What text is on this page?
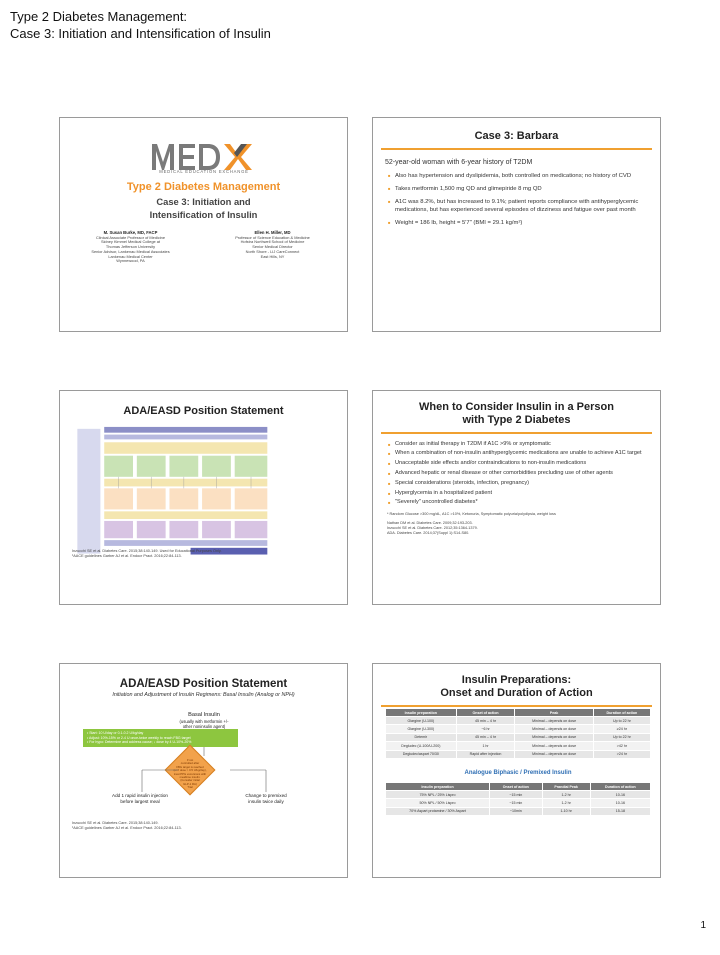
Type 2 Diabetes Management:
Case 3: Initiation and Intensification of Insulin
MEDICAL EDUCATION EXCHANGE
Type 2 Diabetes Management
Case 3: Initiation and
Intensification of Insulin
M. Susan Burke, MD, FACP
Clinical Associate Professor of Medicine
Sidney Kimmel Medical College at
Thomas Jefferson University
Senior Advisor, Lankenau Medical Associates
Lankenau Medical Center
Wynnewood, PA
Ellen H. Miller, MD
Professor of Science Education & Medicine
Hofstra Northwell School of Medicine
Senior Medical Director
North Shore - LIJ CareConnect
East Hills, NY
Case 3: Barbara
52-year-old woman with 6-year history of T2DM
■ Also has hypertension and dyslipidemia, both controlled on medications; no history of CVD
■ Takes metformin 1,500 mg QD and glimepiride 8 mg QD
■ A1C was 8.2%, but has increased to 9.1%; patient reports compliance with antihyperglycemic medications, but has experienced several episodes of dizziness and fatigue over past month
■ Weight = 186 lb, height = 5'7" (BMI = 29.1 kg/m²)
ADA/EASD Position Statement
Inzucchi SE et al. Diabetes Care. 2015;38:140-149. Used for Educational Purposes Only.
¹AACE guidelines Garber AJ et al. Endocr Pract. 2016;22:84-113.
When to Consider Insulin in a Person
with Type 2 Diabetes
■ Consider as initial therapy in T2DM if A1C >9% or symptomatic
■ When a combination of non-insulin antihyperglycemic medications are unable to achieve A1C target
■ Unacceptable side effects and/or contraindications to non-insulin medications
■ Advanced hepatic or renal disease or other comorbidities precluding use of other agents
■ Special considerations (steroids, infection, pregnancy)
■ Hyperglycemia in a hospitalized patient
■ "Severely" uncontrolled diabetes*
* Random Glucose >300 mg/dL, A1C >10%, Ketonuria, Symptomatic polyuria/polydipsia, weight loss
Nathan DM et al. Diabetes Care. 2009;32:193-203.
Inzucchi SE et al. Diabetes Care. 2012;35:1364-1379.
ADA. Diabetes Care. 2014;37(Suppl 1):S14-S80.
ADA/EASD Position Statement
Initiation and Adjustment of Insulin Regimens: Basal Insulin (Analog or NPH)
Basal Insulin
(usually with metformin +/-
other noninsulin agent)
• Start: 10 U/day or 0.1-0.2 U/kg/day
• Adjust: 10%-15% or 2-4 U once-twice weekly to reach FBG target
• For hypo: Determine and address cause; ↓ dose by 4 U-10%-20%
If not
controlled after
FBG target is reached
(or if dose > 0.5 U/kg/day),
treat PPG excursions with
mealtime insulin.
(Consider initial
GLP-1 RA)
Trial
Add 1 rapid insulin injection
before largest meal
Change to premixed
insulin twice daily
Inzucchi SE et al. Diabetes Care. 2015;38:140-149.
¹AACE guidelines Garber AJ et al. Endocr Pract. 2016;22:84-113.
Insulin Preparations:
Onset and Duration of Action
Insulin preparation	Onset of action	Peak	Duration of action
Glargine (U-100)	45 min – 4 hr	Minimal – depends on dose	Up to 22 hr
Glargine (U-300)	~6 hr	Minimal – depends on dose	≥24 hr
Detemir	45 min – 4 hr	Minimal – depends on dose	Up to 22 hr
Degludec (U-100/U-200)	1 hr	Minimal – depends on dose	>42 hr
Degludec/aspart 70/30	Rapid after injection	Minimal – depends on dose	>24 hr
Analogue Biphasic / Premixed Insulin
Insulin preparation	Onset of action	Prandial Peak	Duration of action
75% NPL / 25% Lispro	~15 min	1-2 hr	10-16
50% NPL / 50% Lispro	~15 min	1-2 hr	10-16
70% Aspart protamine / 30% Aspart	~10min	1-10 hr	15-18
1
